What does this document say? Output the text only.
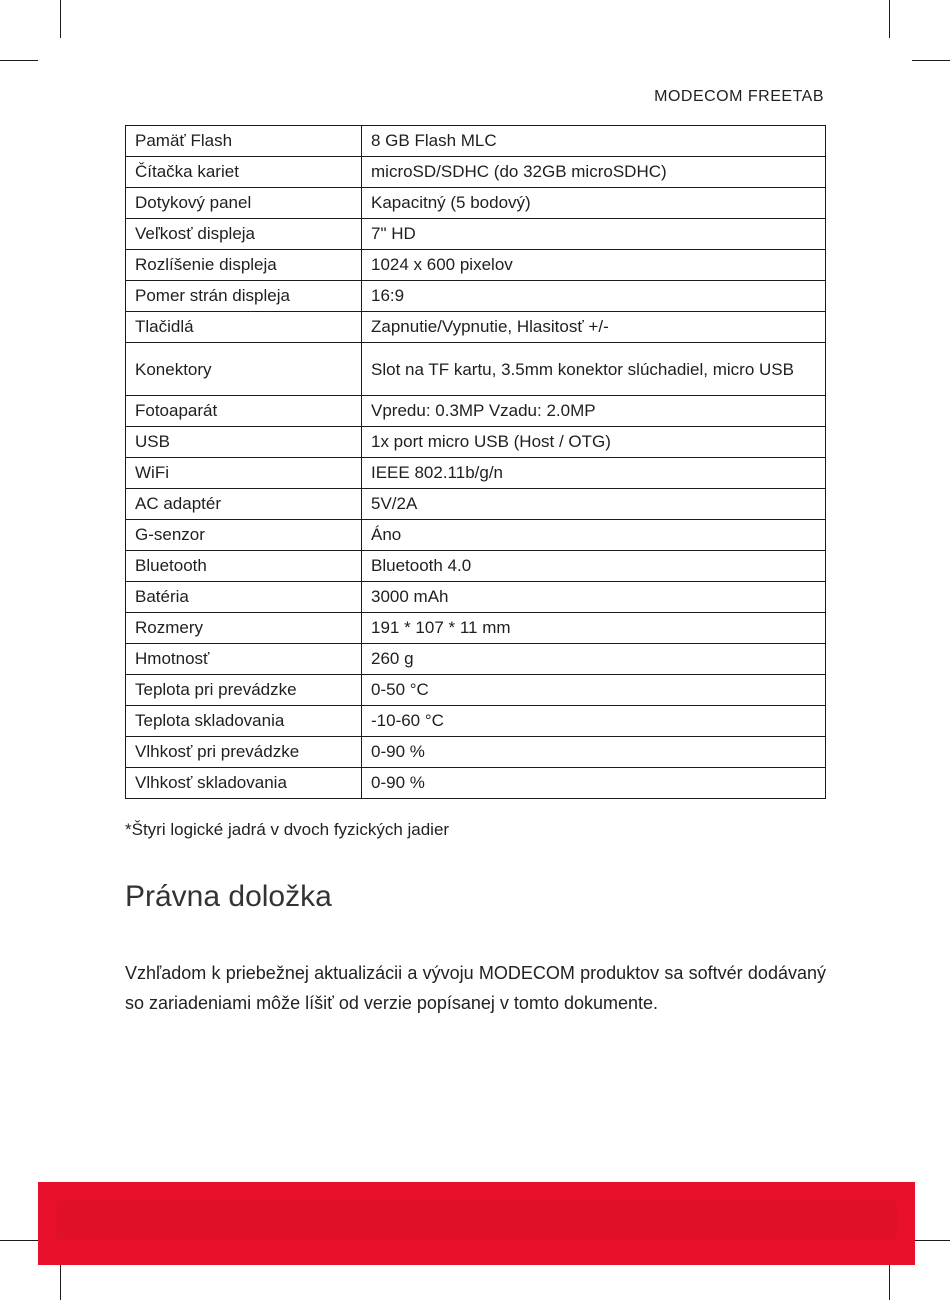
MODECOM FREETAB
Pamäť Flash	8 GB Flash MLC
Čítačka kariet	microSD/SDHC (do 32GB microSDHC)
Dotykový panel	Kapacitný (5 bodový)
Veľkosť displeja	7" HD
Rozlíšenie displeja	1024 x 600 pixelov
Pomer strán displeja	16:9
Tlačidlá	Zapnutie/Vypnutie, Hlasitosť +/-
Konektory	Slot na TF kartu, 3.5mm konektor slúchadiel, micro USB
Fotoaparát	Vpredu: 0.3MP Vzadu: 2.0MP
USB	1x port micro USB (Host / OTG)
WiFi	IEEE 802.11b/g/n
AC adaptér	5V/2A
G-senzor	Áno
Bluetooth	Bluetooth 4.0
Batéria	3000 mAh
Rozmery	191 * 107 * 11 mm
Hmotnosť	260 g
Teplota pri prevádzke	0-50 °C
Teplota skladovania	-10-60 °C
Vlhkosť pri prevádzke	0-90 %
Vlhkosť skladovania	0-90 %
*Štyri logické jadrá v dvoch fyzických jadier
Právna doložka
Vzhľadom k priebežnej aktualizácii a vývoju MODECOM produktov sa softvér dodávaný so zariadeniami môže líšiť od verzie popísanej v tomto dokumente.
